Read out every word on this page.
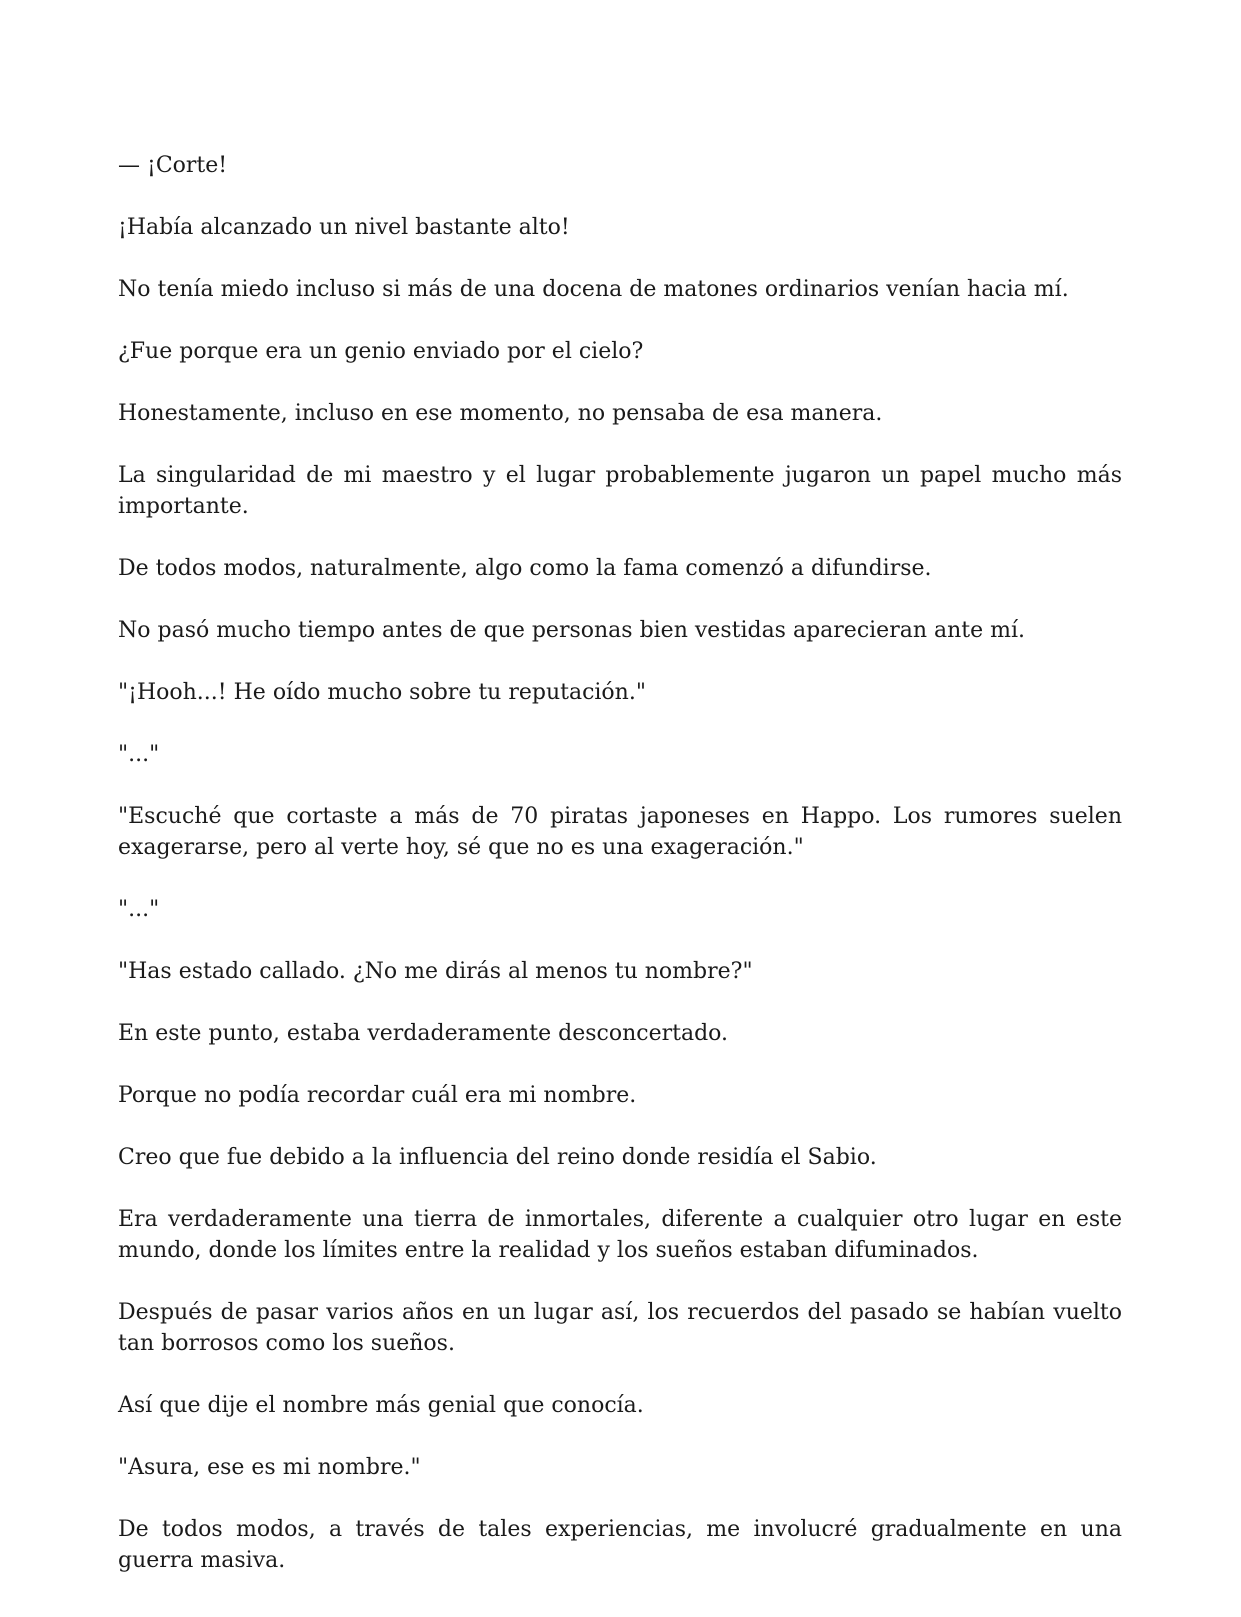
— ¡Corte!

¡Había alcanzado un nivel bastante alto!

No tenía miedo incluso si más de una docena de matones ordinarios venían hacia mí.

¿Fue porque era un genio enviado por el cielo?

Honestamente, incluso en ese momento, no pensaba de esa manera.

La singularidad de mi maestro y el lugar probablemente jugaron un papel mucho más importante.

De todos modos, naturalmente, algo como la fama comenzó a difundirse.

No pasó mucho tiempo antes de que personas bien vestidas aparecieran ante mí.

"¡Hooh...! He oído mucho sobre tu reputación."

"..."

"Escuché que cortaste a más de 70 piratas japoneses en Happo. Los rumores suelen exagerarse, pero al verte hoy, sé que no es una exageración."

"..."

"Has estado callado. ¿No me dirás al menos tu nombre?"

En este punto, estaba verdaderamente desconcertado.

Porque no podía recordar cuál era mi nombre.

Creo que fue debido a la influencia del reino donde residía el Sabio.

Era verdaderamente una tierra de inmortales, diferente a cualquier otro lugar en este mundo, donde los límites entre la realidad y los sueños estaban difuminados.

Después de pasar varios años en un lugar así, los recuerdos del pasado se habían vuelto tan borrosos como los sueños.

Así que dije el nombre más genial que conocía.

"Asura, ese es mi nombre."

De todos modos, a través de tales experiencias, me involucré gradualmente en una guerra masiva.
